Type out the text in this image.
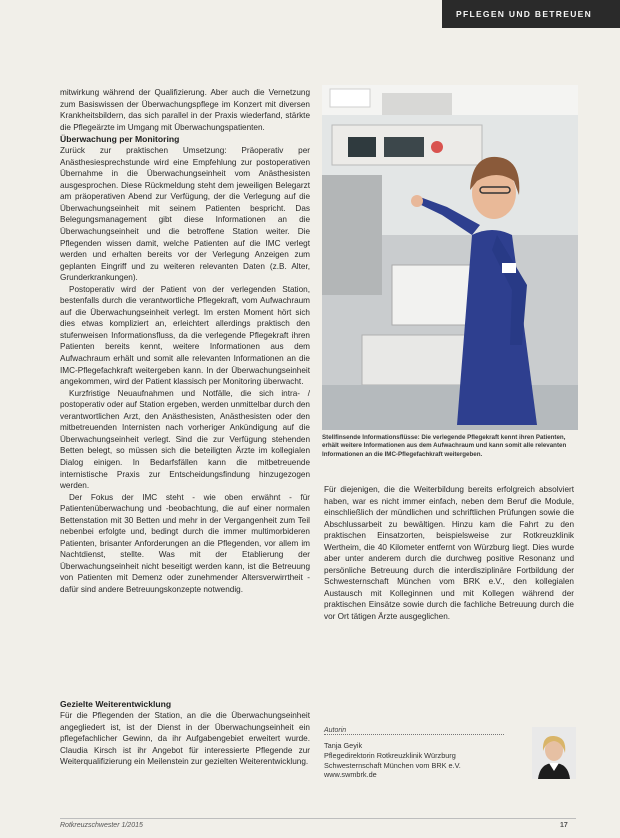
PFLEGEN UND BETREUEN

mitwirkung während der Qualifizierung. Aber auch die Vernetzung zum Basiswissen der Überwachungspflege im Konzert mit diversen Krankheitsbildern, das sich parallel in der Praxis wiederfand, stärkte die Pflegeärzte im Umgang mit Überwachungspatienten.

Überwachung per Monitoring

Zurück zur praktischen Umsetzung: Präoperativ per Anästhesiesprechstunde wird eine Empfehlung zur postoperativen Übernahme in die Überwachungseinheit vom Anästhesisten ausgesprochen. Diese Rückmeldung steht dem jeweiligen Belegarzt am präoperativen Abend zur Verfügung, der die Verlegung auf die Überwachungseinheit mit seinem Patienten bespricht. Das Belegungsmanagement gibt diese Informationen an die Überwachungseinheit und die betroffene Station weiter. Die Pflegenden wissen damit, welche Patienten auf die IMC verlegt werden und erhalten bereits vor der Verlegung Anzeigen zum geplanten Eingriff und zu weiteren relevanten Daten (z.B. Alter, Grunderkrankungen).

Postoperativ wird der Patient von der verlegenden Station, bestenfalls durch die verantwortliche Pflegekraft, vom Aufwachraum auf die Überwachungseinheit verlegt. Im ersten Moment hört sich dies etwas kompliziert an, erleichtert allerdings praktisch den stufenweisen Informationsfluss, da die verlegende Pflegekraft ihren Patienten bereits kennt, weitere Informationen aus dem Aufwachraum erhält und somit alle relevanten Informationen an die IMC-Pflegefachkraft weitergeben kann. In der Überwachungseinheit angekommen, wird der Patient klassisch per Monitoring überwacht.

Kurzfristige Neuaufnahmen und Notfälle, die sich intra- / postoperativ oder auf Station ergeben, werden unmittelbar durch den verantwortlichen Arzt, den Anästhesisten, Anästhesisten oder den mitbetreuenden Internisten nach vorheriger Ankündigung auf die Überwachungseinheit verlegt. Sind die zur Verfügung stehenden Betten belegt, so müssen sich die beteiligten Ärzte im kollegialen Dialog einigen. In Bedarfsfällen kann die mitbetreuende internistische Praxis zur Entscheidungsfindung hinzugezogen werden.

Der Fokus der IMC steht - wie oben erwähnt - für Patientenüberwachung und -beobachtung, die auf einer normalen Bettenstation mit 30 Betten und mehr in der Vergangenheit zum Teil nebenbei erfolgte und, bedingt durch die immer multimorbideren Patienten, brisanter Anforderungen an die Pflegenden, vor allem im Nachtdienst, stellte. Was mit der Etablierung der Überwachungseinheit nicht beseitigt werden kann, ist die Betreuung von Patienten mit Demenz oder zunehmender Altersverwirrtheit - dafür sind andere Betreuungskonzepte notwendig.

Stellfinsende Informationsflüsse: Die verlegende Pflegekraft kennt ihren Patienten, erhält weitere Informationen aus dem Aufwachraum und kann somit alle relevanten Informationen an die IMC-Pflegefachkraft weitergeben.

Für diejenigen, die die Weiterbildung bereits erfolgreich absolviert haben, war es nicht immer einfach, neben dem Beruf die Module, einschließlich der mündlichen und schriftlichen Prüfungen sowie die Abschlussarbeit zu bewältigen. Hinzu kam die Fahrt zu den praktischen Einsatzorten, beispielsweise zur Rotkreuzklinik Wertheim, die 40 Kilometer entfernt von Würzburg liegt. Dies wurde aber unter anderem durch die durchweg positive Resonanz und persönliche Betreuung durch die interdisziplinäre Fortbildung der Schwesternschaft München vom BRK e.V., den kollegialen Austausch mit Kolleginnen und mit Kollegen während der praktischen Einsätze sowie durch die fachliche Betreuung durch die vor Ort tätigen Ärzte ausgeglichen.

Gezielte Weiterentwicklung

Für die Pflegenden der Station, an die die Überwachungseinheit angegliedert ist, ist der Dienst in der Überwachungseinheit ein pflegefachlicher Gewinn, da ihr Aufgabengebiet erweitert wurde. Claudia Kirsch ist ihr Angebot für interessierte Pflegende zur Weiterqualifizierung ein Meilenstein zur gezielten Weiterentwicklung.

Autorin
Tanja Geyik
Pflegedirektorin Rotkreuzklinik Würzburg
Schwesternschaft München vom BRK e.V.
www.swmbrk.de
Rotkreuzschwester 1/2015	17
